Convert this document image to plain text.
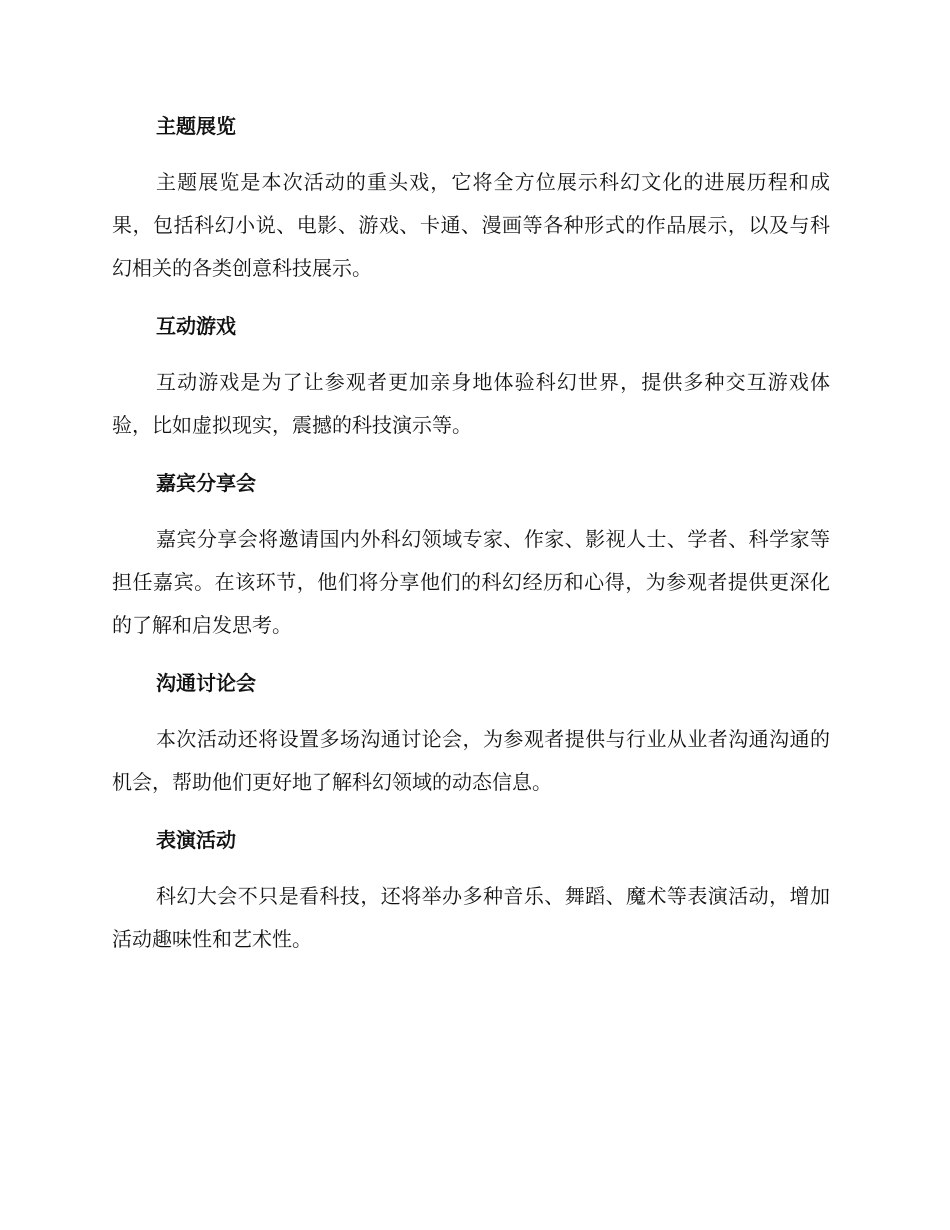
主题展览

主题展览是本次活动的重头戏，它将全方位展示科幻文化的进展历程和成果，包括科幻小说、电影、游戏、卡通、漫画等各种形式的作品展示，以及与科幻相关的各类创意科技展示。

互动游戏

互动游戏是为了让参观者更加亲身地体验科幻世界，提供多种交互游戏体验，比如虚拟现实，震撼的科技演示等。

嘉宾分享会

嘉宾分享会将邀请国内外科幻领域专家、作家、影视人士、学者、科学家等担任嘉宾。在该环节，他们将分享他们的科幻经历和心得，为参观者提供更深化的了解和启发思考。

沟通讨论会

本次活动还将设置多场沟通讨论会，为参观者提供与行业从业者沟通沟通的机会，帮助他们更好地了解科幻领域的动态信息。

表演活动

科幻大会不只是看科技，还将举办多种音乐、舞蹈、魔术等表演活动，增加活动趣味性和艺术性。
